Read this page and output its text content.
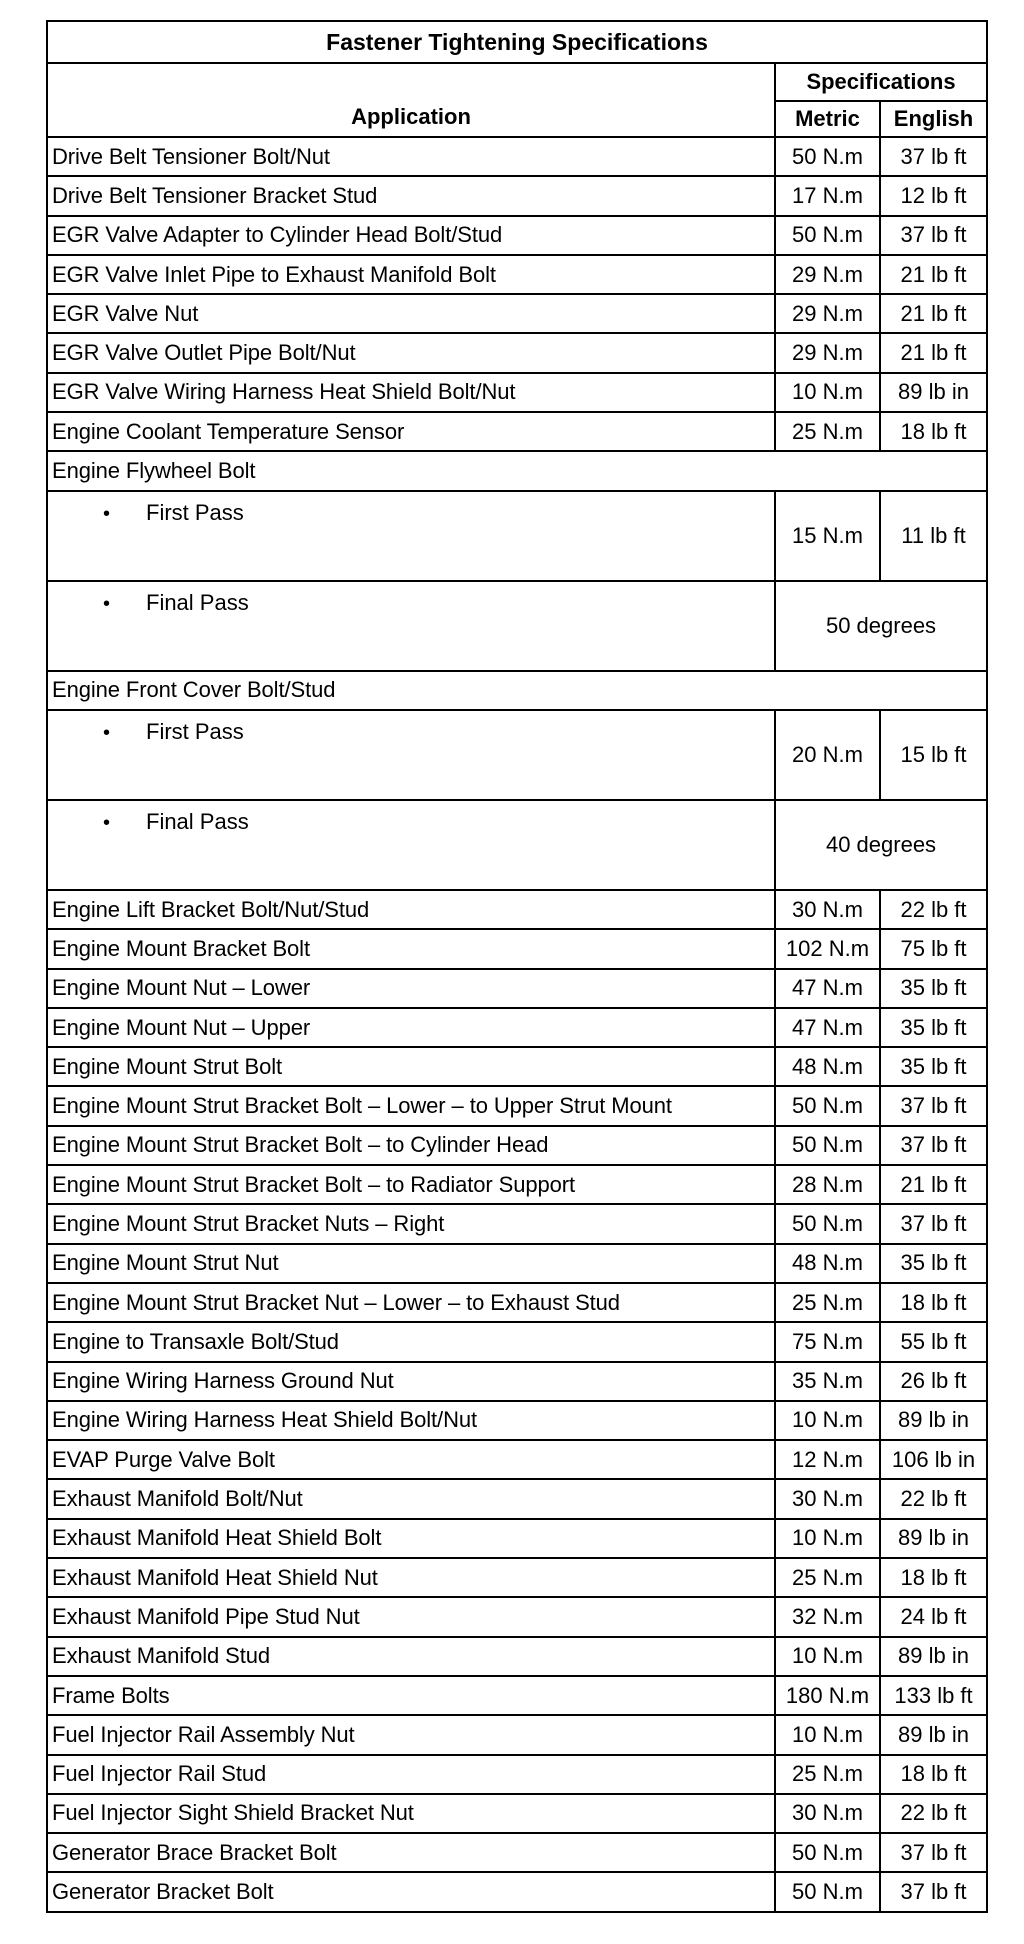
Fastener Tightening Specifications		
Application	Specifications	
	Metric	English
Drive Belt Tensioner Bolt/Nut	50 N.m	37 lb ft
Drive Belt Tensioner Bracket Stud	17 N.m	12 lb ft
EGR Valve Adapter to Cylinder Head Bolt/Stud	50 N.m	37 lb ft
EGR Valve Inlet Pipe to Exhaust Manifold Bolt	29 N.m	21 lb ft
EGR Valve Nut	29 N.m	21 lb ft
EGR Valve Outlet Pipe Bolt/Nut	29 N.m	21 lb ft
EGR Valve Wiring Harness Heat Shield Bolt/Nut	10 N.m	89 lb in
Engine Coolant Temperature Sensor	25 N.m	18 lb ft
Engine Flywheel Bolt		
• First Pass	15 N.m	11 lb ft
• Final Pass	50 degrees	
Engine Front Cover Bolt/Stud		
• First Pass	20 N.m	15 lb ft
• Final Pass	40 degrees	
Engine Lift Bracket Bolt/Nut/Stud	30 N.m	22 lb ft
Engine Mount Bracket Bolt	102 N.m	75 lb ft
Engine Mount Nut – Lower	47 N.m	35 lb ft
Engine Mount Nut – Upper	47 N.m	35 lb ft
Engine Mount Strut Bolt	48 N.m	35 lb ft
Engine Mount Strut Bracket Bolt – Lower – to Upper Strut Mount	50 N.m	37 lb ft
Engine Mount Strut Bracket Bolt – to Cylinder Head	50 N.m	37 lb ft
Engine Mount Strut Bracket Bolt – to Radiator Support	28 N.m	21 lb ft
Engine Mount Strut Bracket Nuts – Right	50 N.m	37 lb ft
Engine Mount Strut Nut	48 N.m	35 lb ft
Engine Mount Strut Bracket Nut – Lower – to Exhaust Stud	25 N.m	18 lb ft
Engine to Transaxle Bolt/Stud	75 N.m	55 lb ft
Engine Wiring Harness Ground Nut	35 N.m	26 lb ft
Engine Wiring Harness Heat Shield Bolt/Nut	10 N.m	89 lb in
EVAP Purge Valve Bolt	12 N.m	106 lb in
Exhaust Manifold Bolt/Nut	30 N.m	22 lb ft
Exhaust Manifold Heat Shield Bolt	10 N.m	89 lb in
Exhaust Manifold Heat Shield Nut	25 N.m	18 lb ft
Exhaust Manifold Pipe Stud Nut	32 N.m	24 lb ft
Exhaust Manifold Stud	10 N.m	89 lb in
Frame Bolts	180 N.m	133 lb ft
Fuel Injector Rail Assembly Nut	10 N.m	89 lb in
Fuel Injector Rail Stud	25 N.m	18 lb ft
Fuel Injector Sight Shield Bracket Nut	30 N.m	22 lb ft
Generator Brace Bracket Bolt	50 N.m	37 lb ft
Generator Bracket Bolt	50 N.m	37 lb ft
